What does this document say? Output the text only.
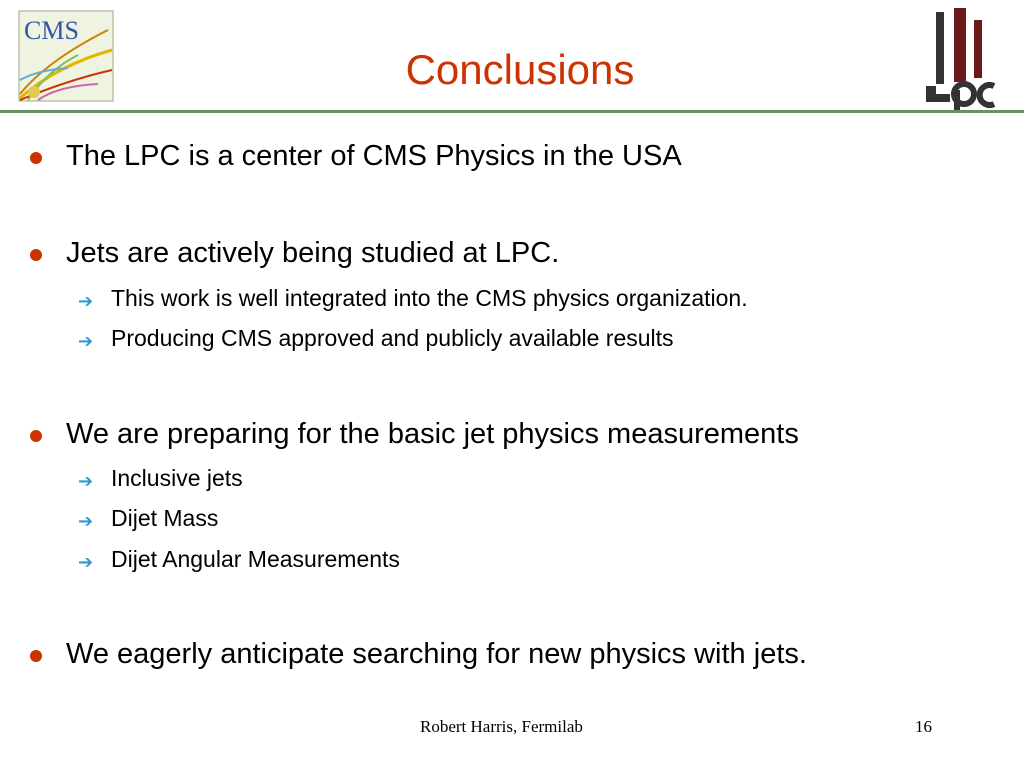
CMS
Conclusions
The LPC is a center of CMS Physics in the USA
Jets are actively being studied at LPC.
➔ This work is well integrated into the CMS physics organization.
➔ Producing CMS approved and publicly available results
We are preparing for the basic jet physics measurements
➔ Inclusive jets
➔ Dijet Mass
➔ Dijet Angular Measurements
We eagerly anticipate searching for new physics with jets.
Robert Harris, Fermilab	16
